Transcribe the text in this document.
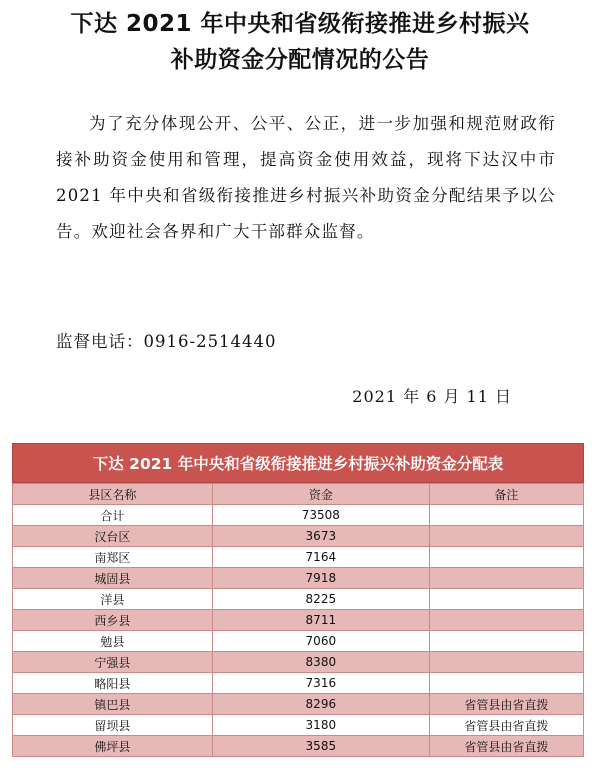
下达 2021 年中央和省级衔接推进乡村振兴
补助资金分配情况的公告
为了充分体现公开、公平、公正，进一步加强和规范财政衔接补助资金使用和管理，提高资金使用效益，现将下达汉中市 2021 年中央和省级衔接推进乡村振兴补助资金分配结果予以公告。欢迎社会各界和广大干部群众监督。
监督电话：0916-2514440
2021 年 6 月 11 日
下达 2021 年中央和省级衔接推进乡村振兴补助资金分配表
县区名称	资金	备注
合计	73508	
汉台区	3673	
南郑区	7164	
城固县	7918	
洋县	8225	
西乡县	8711	
勉县	7060	
宁强县	8380	
略阳县	7316	
镇巴县	8296	省管县由省直拨
留坝县	3180	省管县由省直拨
佛坪县	3585	省管县由省直拨
